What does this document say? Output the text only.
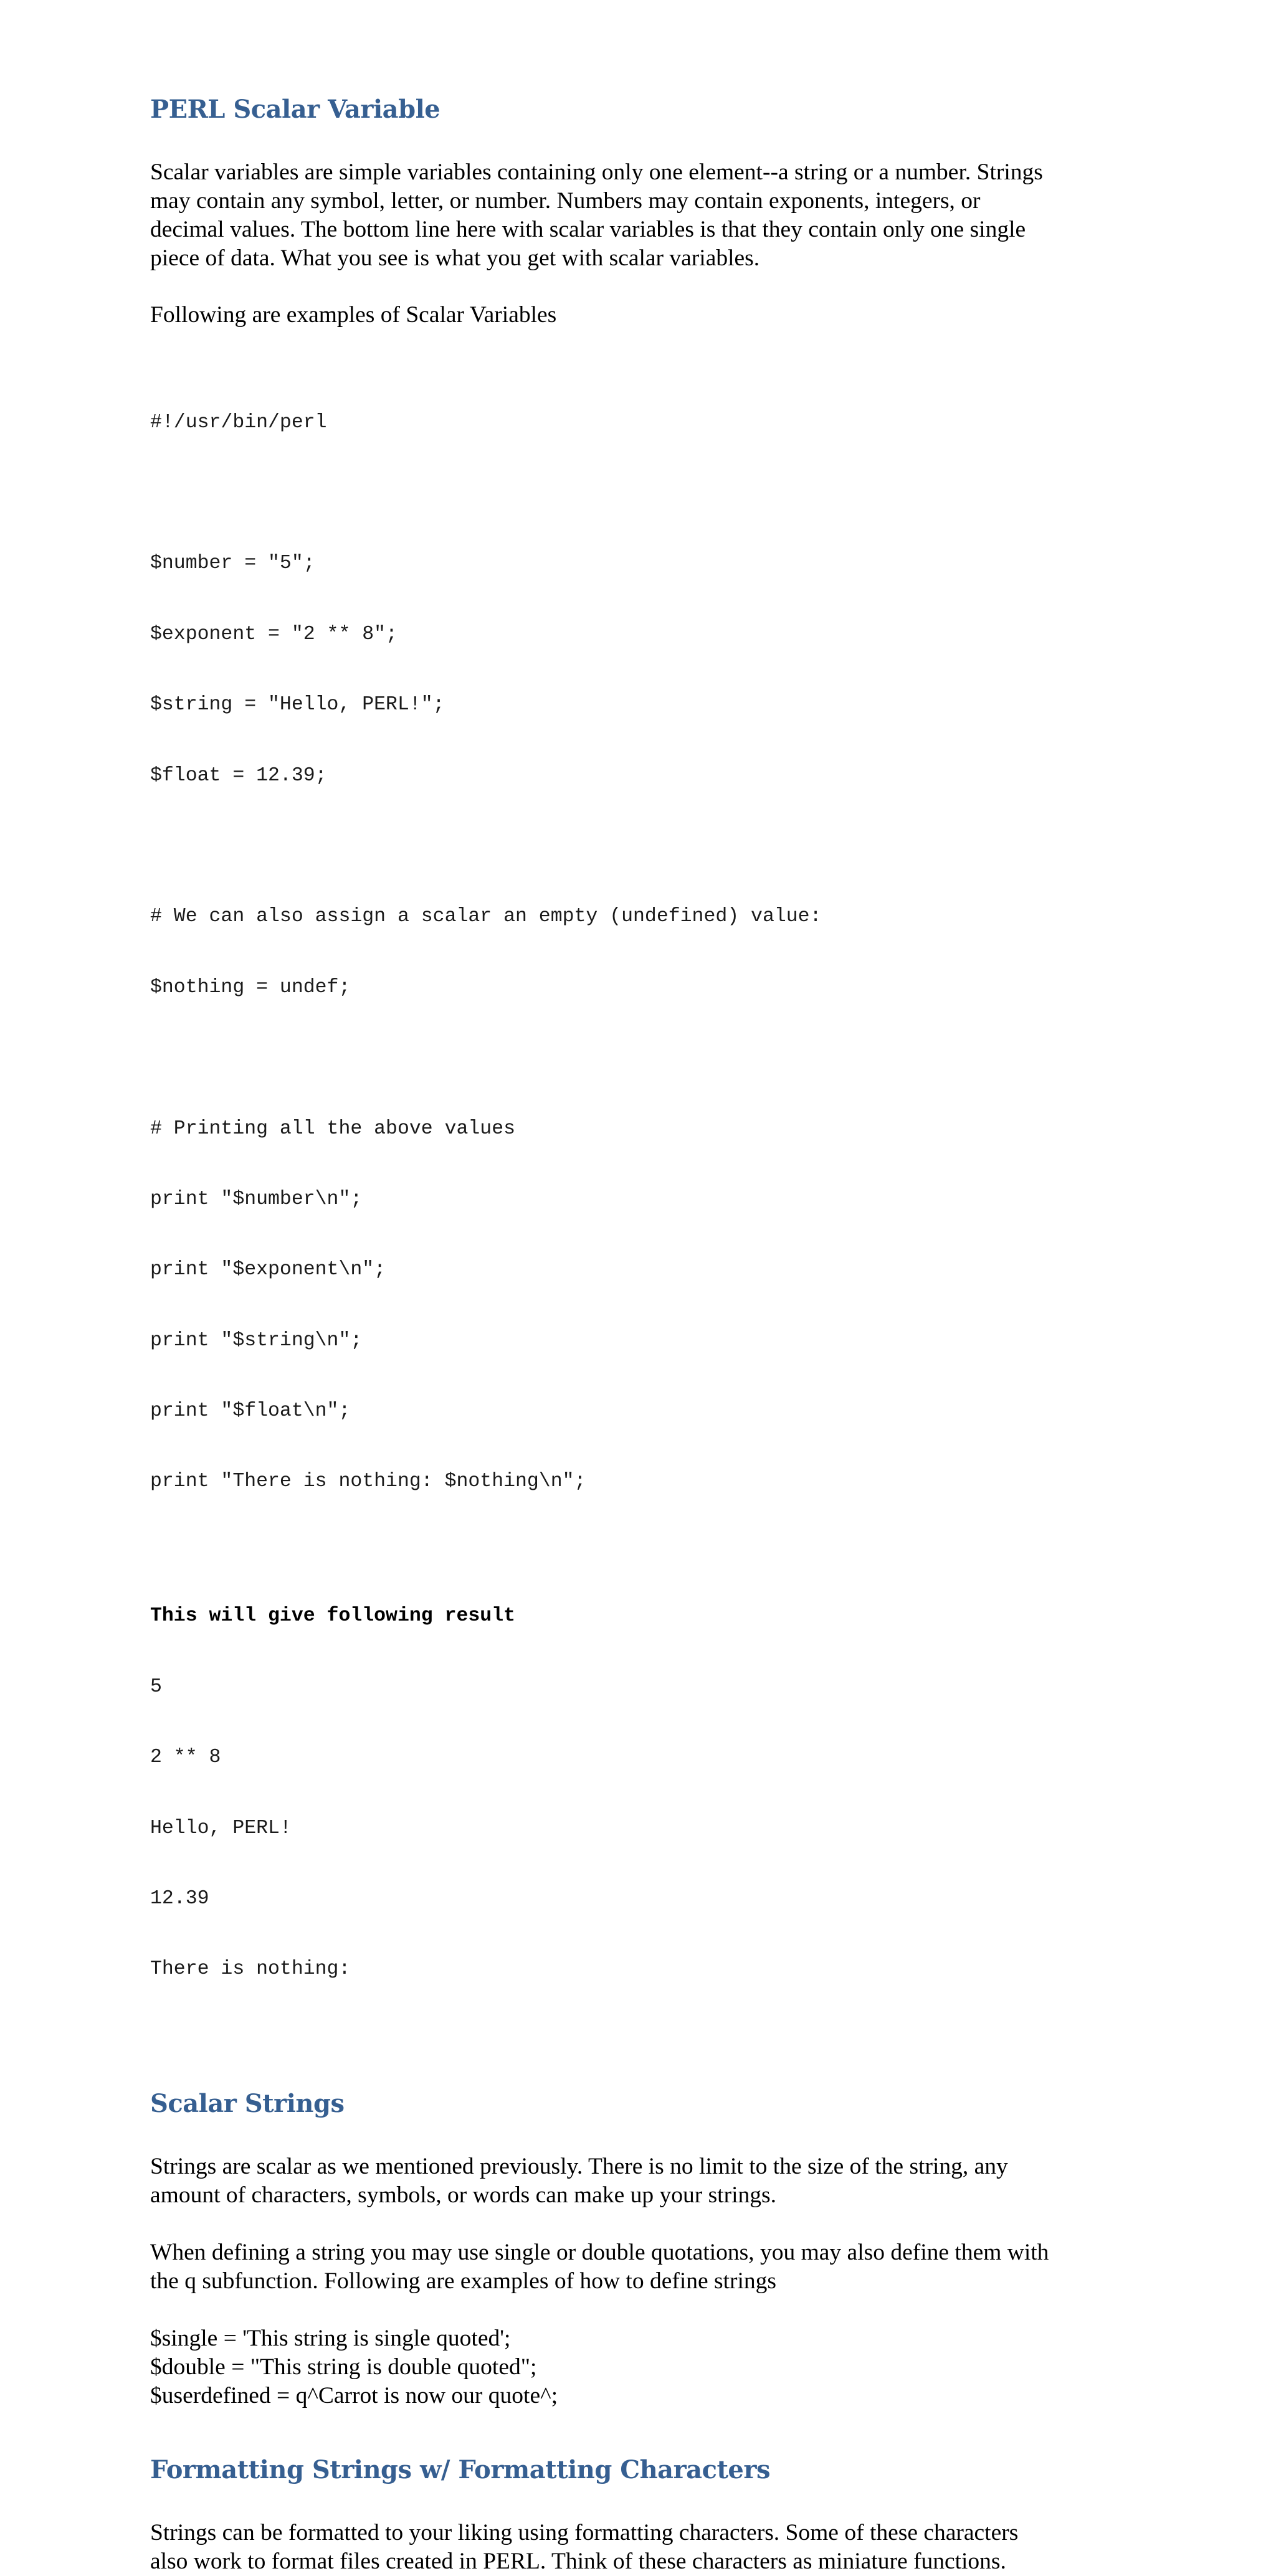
PERL Scalar Variable
Scalar variables are simple variables containing only one element--a string or a number. Strings
may contain any symbol, letter, or number. Numbers may contain exponents, integers, or
decimal values. The bottom line here with scalar variables is that they contain only one single
piece of data. What you see is what you get with scalar variables.

Following are examples of Scalar Variables

#!/usr/bin/perl

$number = "5";

$exponent = "2 ** 8";

$string = "Hello, PERL!";

$float = 12.39;

# We can also assign a scalar an empty (undefined) value:

$nothing = undef;

# Printing all the above values

print "$number\n";

print "$exponent\n";

print "$string\n";

print "$float\n";

print "There is nothing: $nothing\n";

This will give following result

5

2 ** 8

Hello, PERL!

12.39

There is nothing:

Scalar Strings
Strings are scalar as we mentioned previously. There is no limit to the size of the string, any
amount of characters, symbols, or words can make up your strings.
When defining a string you may use single or double quotations, you may also define them with
the q subfunction. Following are examples of how to define strings
$single = 'This string is single quoted';
$double = "This string is double quoted";
$userdefined = q^Carrot is now our quote^;
Formatting Strings w/ Formatting Characters
Strings can be formatted to your liking using formatting characters. Some of these characters
also work to format files created in PERL. Think of these characters as miniature functions.
